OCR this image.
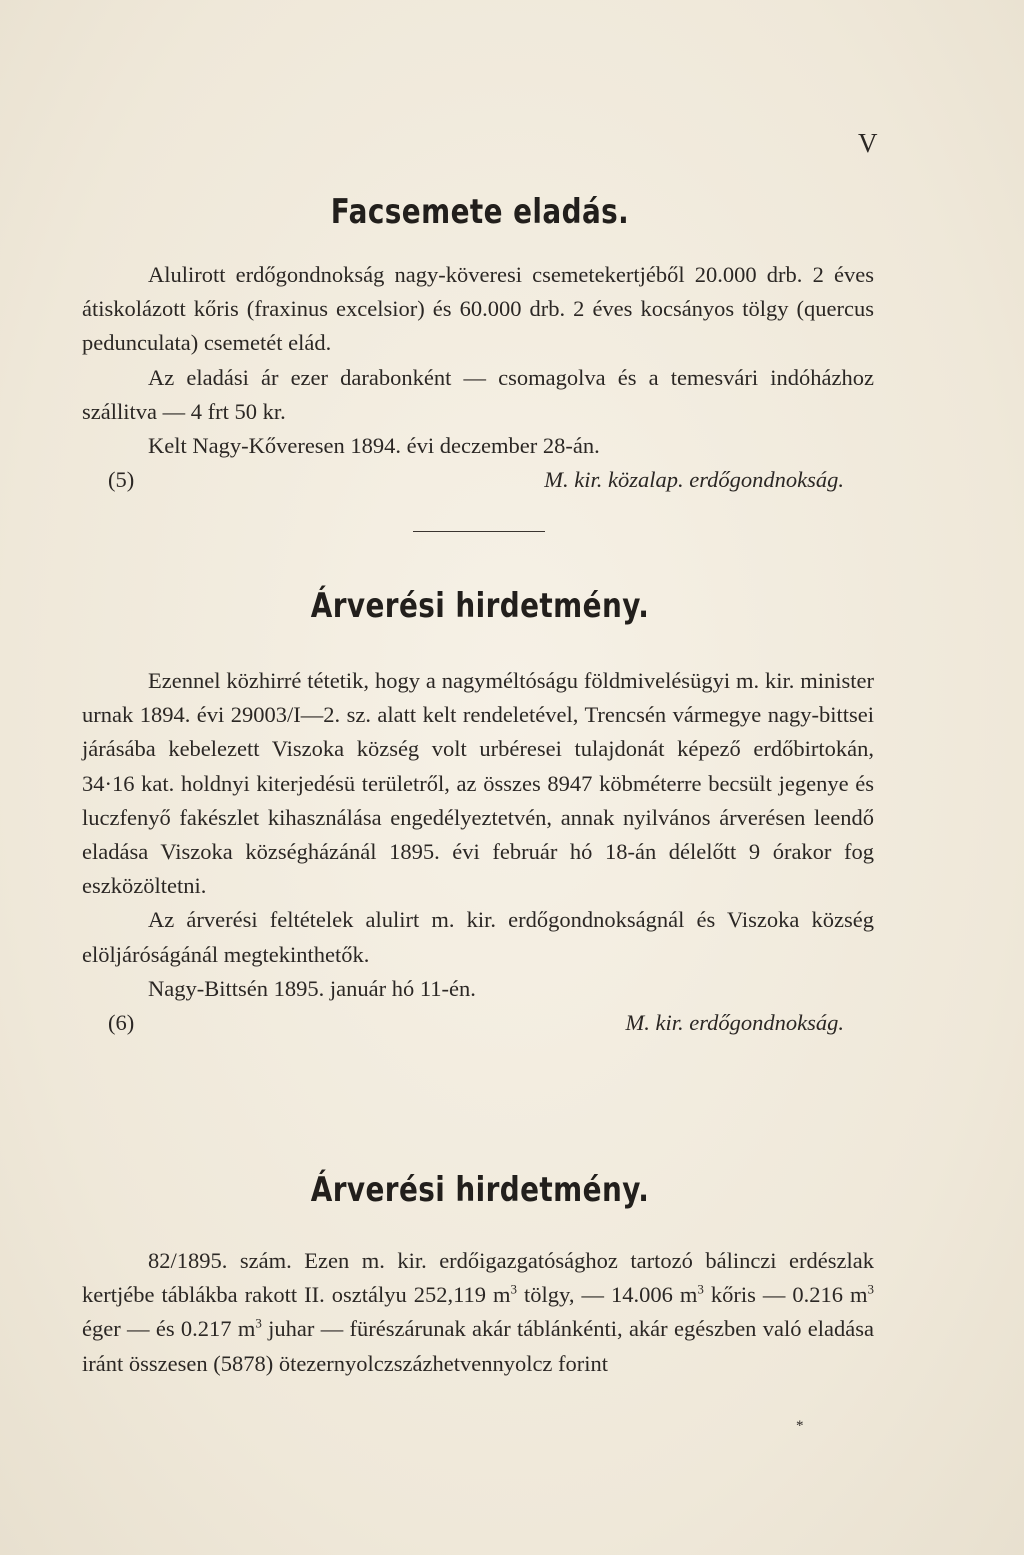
V
Facsemete eladás.

Alulirott erdőgondnokság nagy-köveresi csemetekertjéből 20.000 drb. 2 éves átiskolázott kőris (fraxinus excelsior) és 60.000 drb. 2 éves kocsányos tölgy (quercus pedunculata) csemetét elád.

Az eladási ár ezer darabonként — csomagolva és a temesvári indóházhoz szállitva — 4 frt 50 kr.

Kelt Nagy-Kőveresen 1894. évi deczember 28-án.

(5)	M. kir. közalap. erdőgondnokság.

Árverési hirdetmény.

Ezennel közhirré tétetik, hogy a nagyméltóságu földmivelésügyi m. kir. minister urnak 1894. évi 29003/I—2. sz. alatt kelt rendeletével, Trencsén vármegye nagy-bittsei járásába kebelezett Viszoka község volt urbéresei tulajdonát képező erdőbirtokán, 34·16 kat. holdnyi kiterjedésü területről, az összes 8947 köbméterre becsült jegenye és luczfenyő fakészlet kihasználása engedélyeztetvén, annak nyilvános árverésen leendő eladása Viszoka községházánál 1895. évi február hó 18-án délelőtt 9 órakor fog eszközöltetni.

Az árverési feltételek alulirt m. kir. erdőgondnokságnál és Viszoka község elöljáróságánál megtekinthetők.

Nagy-Bittsén 1895. január hó 11-én.

(6)	M. kir. erdőgondnokság.

Árverési hirdetmény.

82/1895. szám. Ezen m. kir. erdőigazgatósághoz tartozó bálinczi erdészlak kertjébe táblákba rakott II. osztályu 252,119 $m^3$ tölgy, — 14.006 $m^3$ kőris — 0.216 $m^3$ éger — és 0.217 $m^3$ juhar — fürészárunak akár táblánkénti, akár egészben való eladása iránt összesen (5878) ötezernyolczszázhetvennyolcz forint

*
